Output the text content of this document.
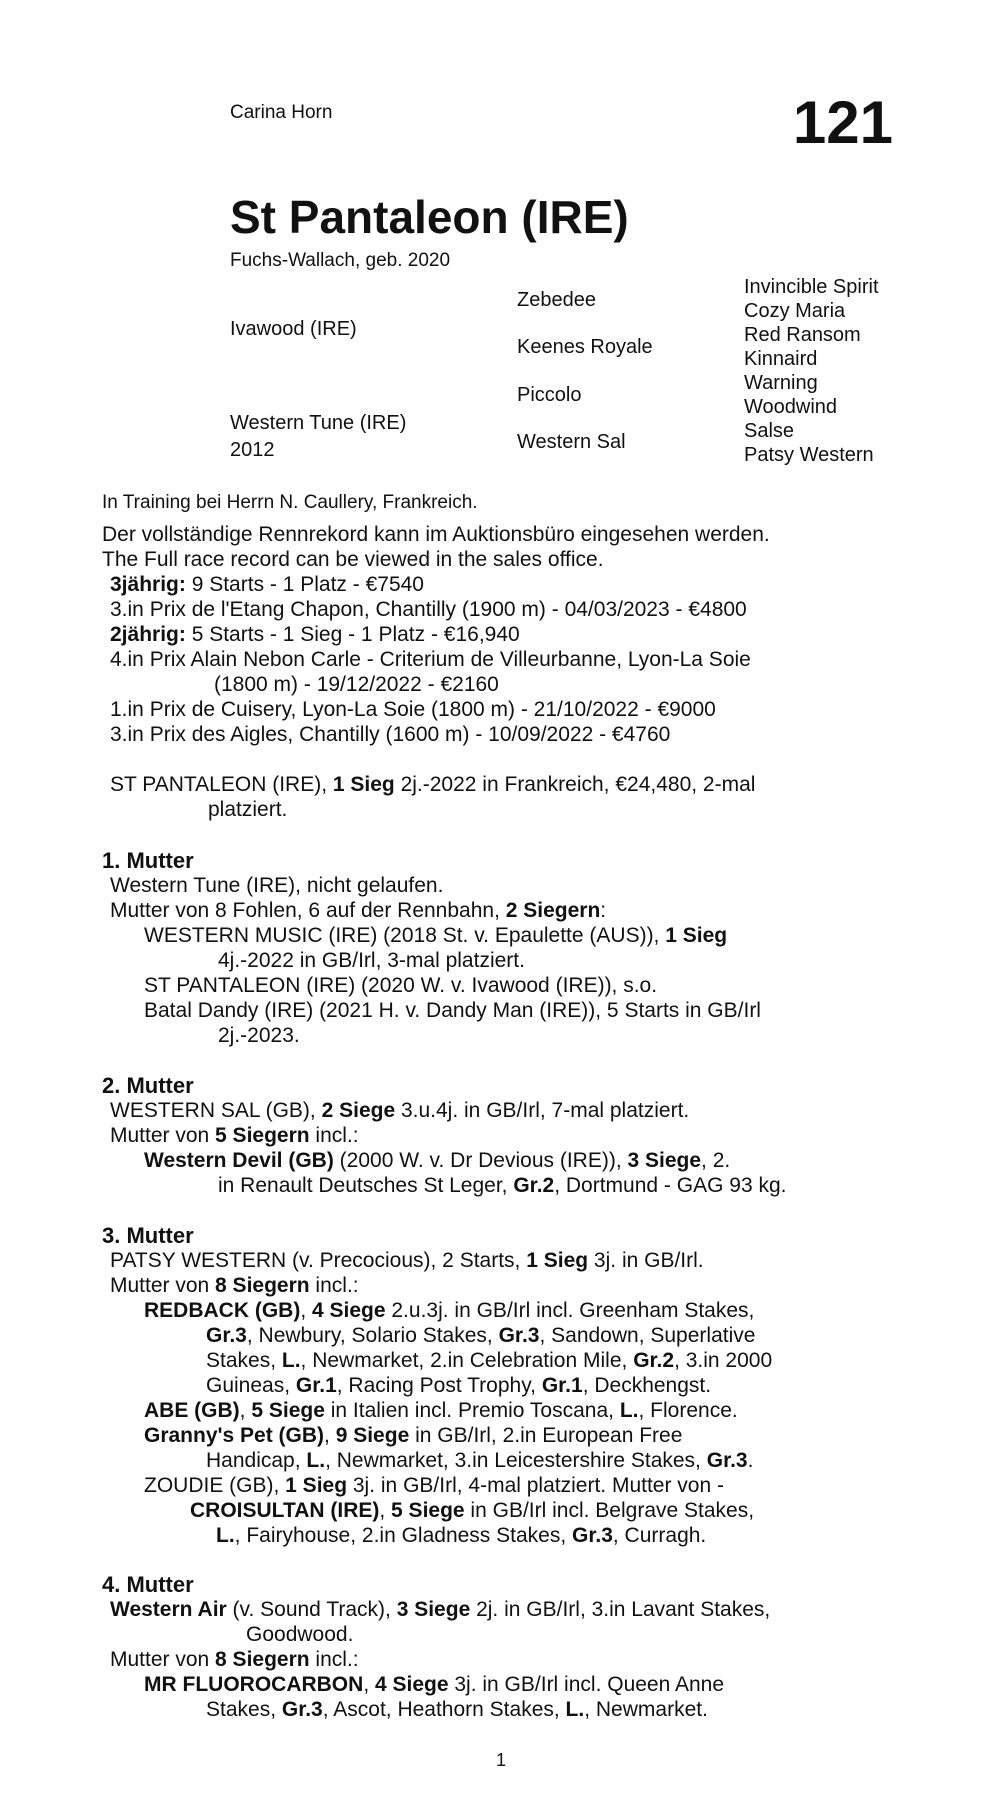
Carina Horn	121
St Pantaleon (IRE)
Fuchs-Wallach, geb. 2020
Ivawood (IRE)
Western Tune (IRE)
2012
Zebedee
Keenes Royale
Piccolo
Western Sal
Invincible Spirit
Cozy Maria
Red Ransom
Kinnaird
Warning
Woodwind
Salse
Patsy Western
In Training bei Herrn N. Caullery, Frankreich.
Der vollständige Rennrekord kann im Auktionsbüro eingesehen werden.
The Full race record can be viewed in the sales office.
3jährig: 9 Starts - 1 Platz - €7540
3.in Prix de l'Etang Chapon, Chantilly (1900 m) - 04/03/2023 - €4800
2jährig: 5 Starts - 1 Sieg - 1 Platz - €16,940
4.in Prix Alain Nebon Carle - Criterium de Villeurbanne, Lyon-La Soie
(1800 m) - 19/12/2022 - €2160
1.in Prix de Cuisery, Lyon-La Soie (1800 m) - 21/10/2022 - €9000
3.in Prix des Aigles, Chantilly (1600 m) - 10/09/2022 - €4760
ST PANTALEON (IRE), 1 Sieg 2j.-2022 in Frankreich, €24,480, 2-mal
platziert.
1. Mutter
Western Tune (IRE), nicht gelaufen.
Mutter von 8 Fohlen, 6 auf der Rennbahn, 2 Siegern:
WESTERN MUSIC (IRE) (2018 St. v. Epaulette (AUS)), 1 Sieg
4j.-2022 in GB/Irl, 3-mal platziert.
ST PANTALEON (IRE) (2020 W. v. Ivawood (IRE)), s.o.
Batal Dandy (IRE) (2021 H. v. Dandy Man (IRE)), 5 Starts in GB/Irl
2j.-2023.
2. Mutter
WESTERN SAL (GB), 2 Siege 3.u.4j. in GB/Irl, 7-mal platziert.
Mutter von 5 Siegern incl.:
Western Devil (GB) (2000 W. v. Dr Devious (IRE)), 3 Siege, 2.
in Renault Deutsches St Leger, Gr.2, Dortmund - GAG 93 kg.
3. Mutter
PATSY WESTERN (v. Precocious), 2 Starts, 1 Sieg 3j. in GB/Irl.
Mutter von 8 Siegern incl.:
REDBACK (GB), 4 Siege 2.u.3j. in GB/Irl incl. Greenham Stakes,
Gr.3, Newbury, Solario Stakes, Gr.3, Sandown, Superlative
Stakes, L., Newmarket, 2.in Celebration Mile, Gr.2, 3.in 2000
Guineas, Gr.1, Racing Post Trophy, Gr.1, Deckhengst.
ABE (GB), 5 Siege in Italien incl. Premio Toscana, L., Florence.
Granny's Pet (GB), 9 Siege in GB/Irl, 2.in European Free
Handicap, L., Newmarket, 3.in Leicestershire Stakes, Gr.3.
ZOUDIE (GB), 1 Sieg 3j. in GB/Irl, 4-mal platziert. Mutter von -
CROISULTAN (IRE), 5 Siege in GB/Irl incl. Belgrave Stakes,
L., Fairyhouse, 2.in Gladness Stakes, Gr.3, Curragh.
4. Mutter
Western Air (v. Sound Track), 3 Siege 2j. in GB/Irl, 3.in Lavant Stakes,
Goodwood.
Mutter von 8 Siegern incl.:
MR FLUOROCARBON, 4 Siege 3j. in GB/Irl incl. Queen Anne
Stakes, Gr.3, Ascot, Heathorn Stakes, L., Newmarket.
1
